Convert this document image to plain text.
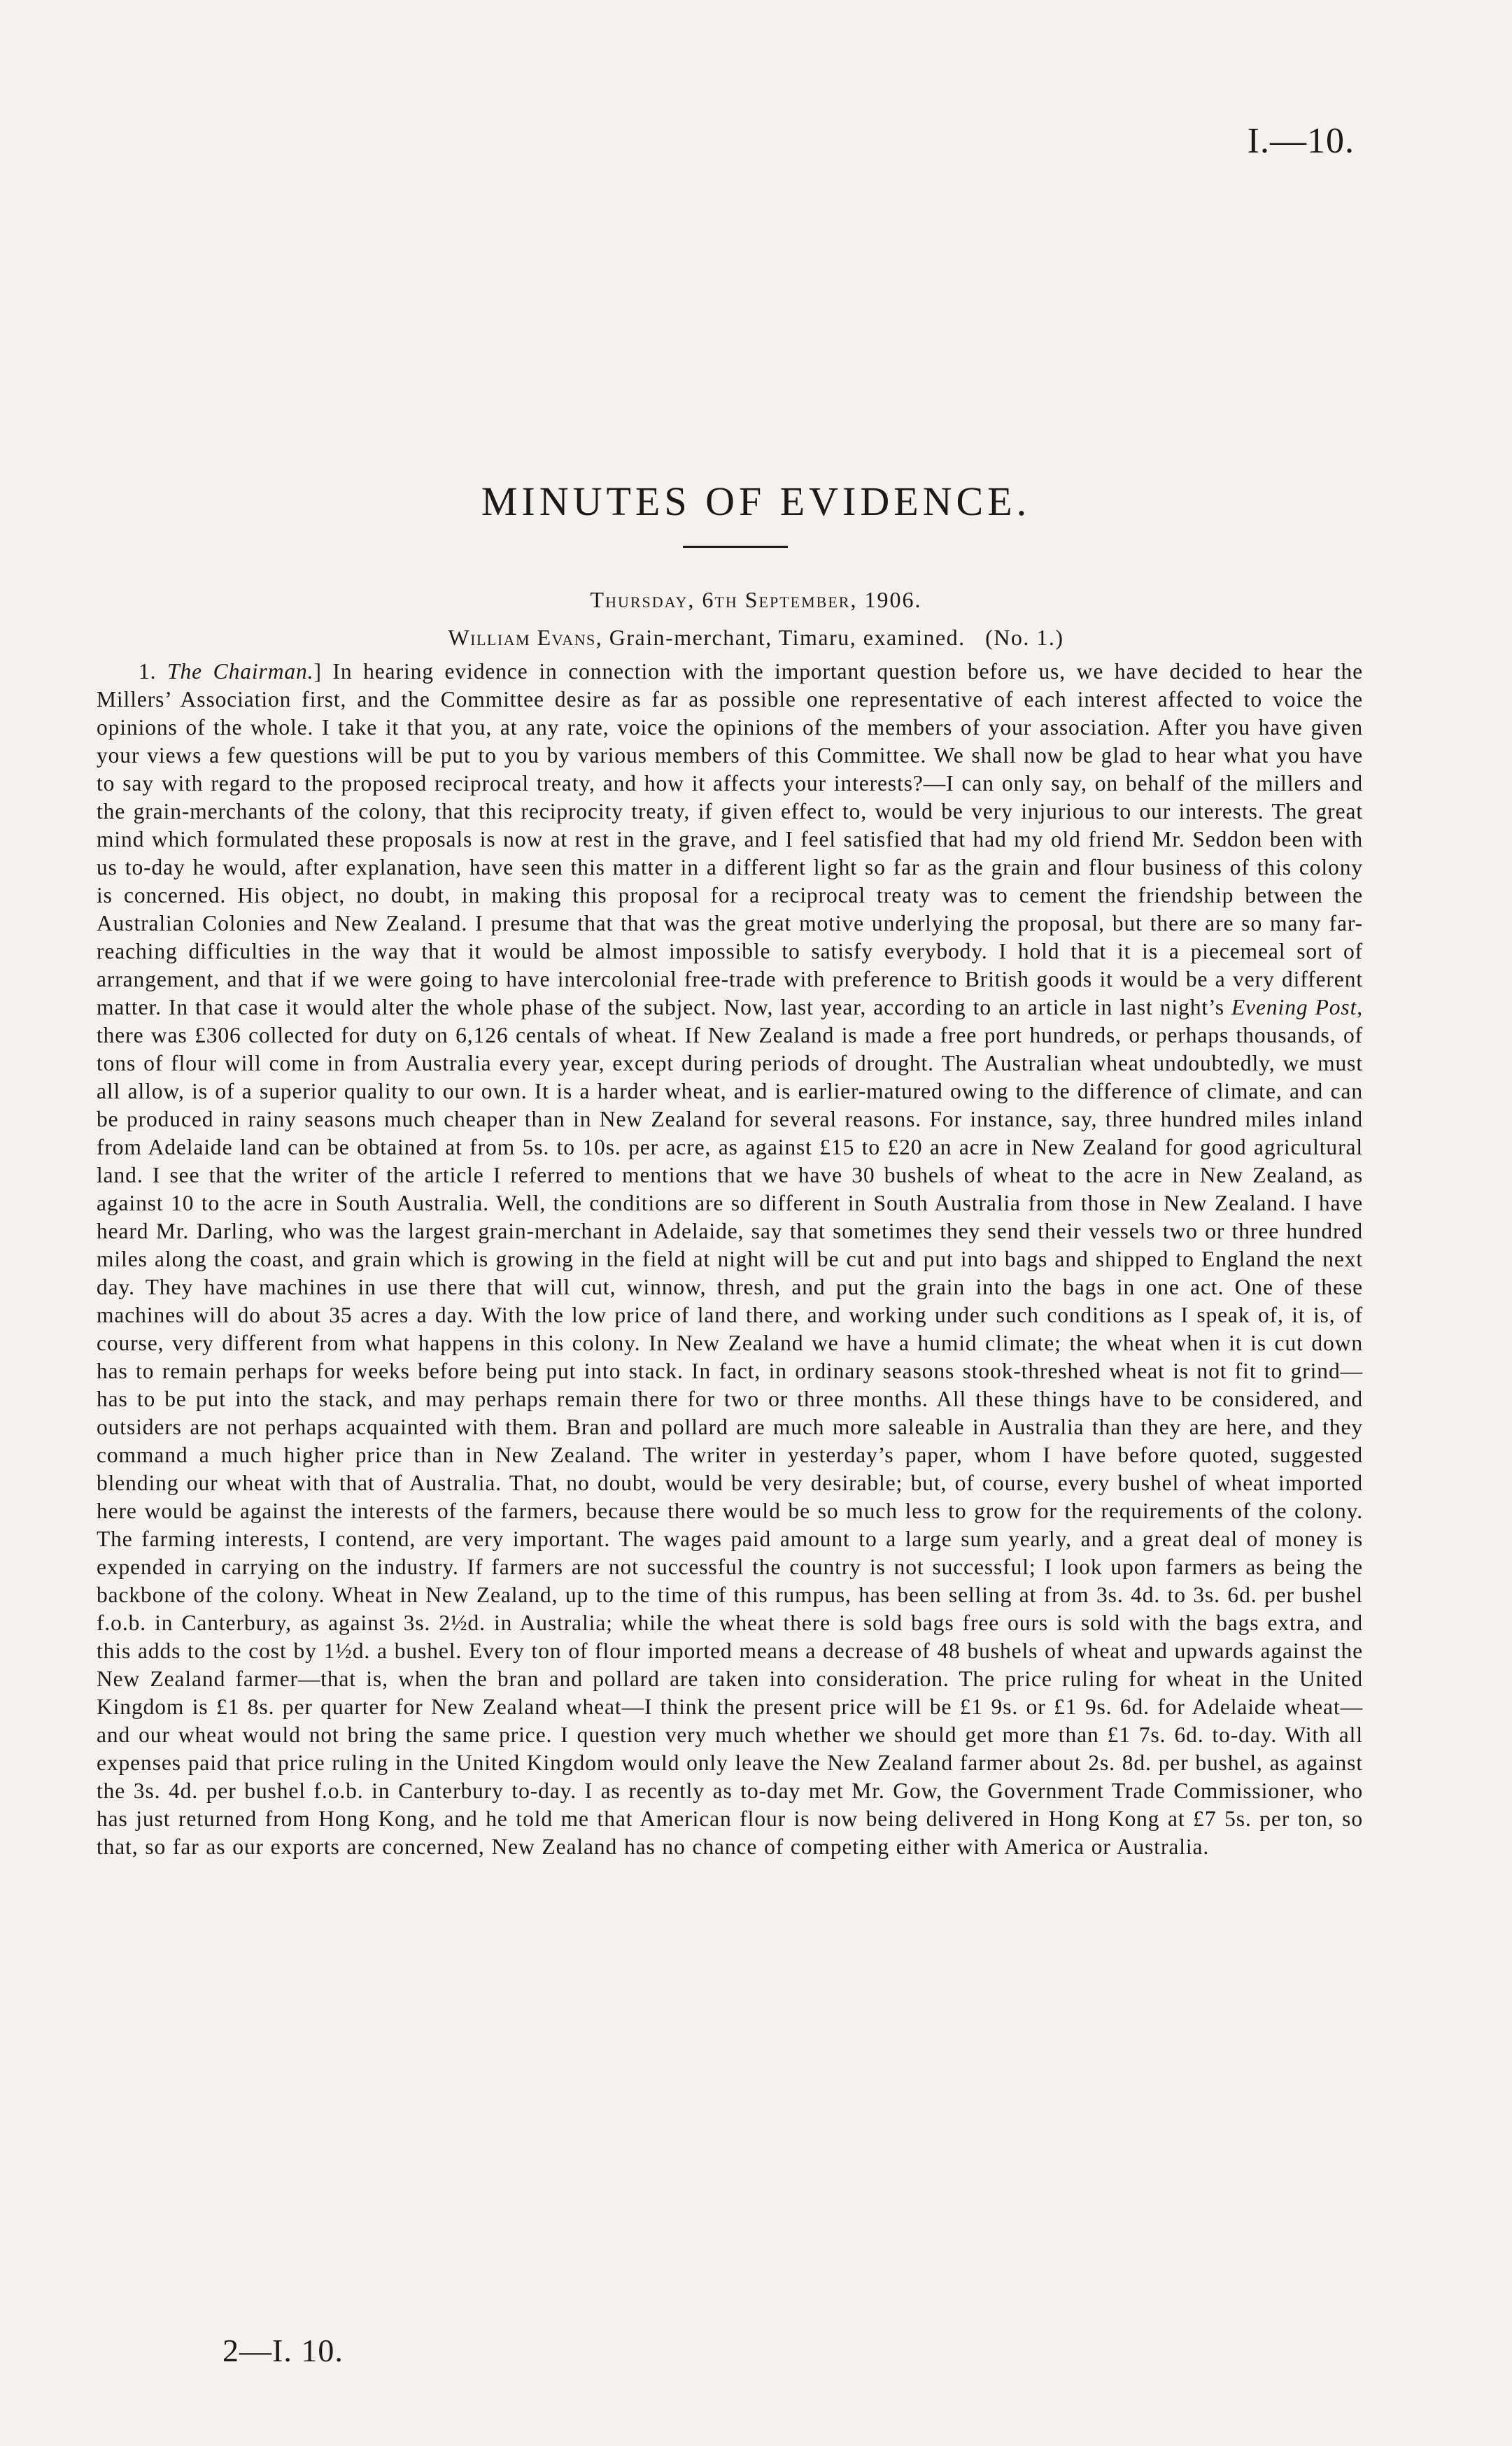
I.—10.
MINUTES OF EVIDENCE.
Thursday, 6th September, 1906.
William Evans, Grain-merchant, Timaru, examined. (No. 1.)

1. The Chairman.] In hearing evidence in connection with the important question before us, we have decided to hear the Millers’ Association first, and the Committee desire as far as possible one representative of each interest affected to voice the opinions of the whole. I take it that you, at any rate, voice the opinions of the members of your association. After you have given your views a few questions will be put to you by various members of this Committee. We shall now be glad to hear what you have to say with regard to the proposed reciprocal treaty, and how it affects your interests?—I can only say, on behalf of the millers and the grain-merchants of the colony, that this reciprocity treaty, if given effect to, would be very injurious to our interests. The great mind which formulated these proposals is now at rest in the grave, and I feel satisfied that had my old friend Mr. Seddon been with us to-day he would, after explanation, have seen this matter in a different light so far as the grain and flour business of this colony is concerned. His object, no doubt, in making this proposal for a reciprocal treaty was to cement the friendship between the Australian Colonies and New Zealand. I presume that that was the great motive underlying the proposal, but there are so many far-reaching difficulties in the way that it would be almost impossible to satisfy everybody. I hold that it is a piecemeal sort of arrangement, and that if we were going to have intercolonial free-trade with preference to British goods it would be a very different matter. In that case it would alter the whole phase of the subject. Now, last year, according to an article in last night’s Evening Post, there was £306 collected for duty on 6,126 centals of wheat. If New Zealand is made a free port hundreds, or perhaps thousands, of tons of flour will come in from Australia every year, except during periods of drought. The Australian wheat undoubtedly, we must all allow, is of a superior quality to our own. It is a harder wheat, and is earlier-matured owing to the difference of climate, and can be produced in rainy seasons much cheaper than in New Zealand for several reasons. For instance, say, three hundred miles inland from Adelaide land can be obtained at from 5s. to 10s. per acre, as against £15 to £20 an acre in New Zealand for good agricultural land. I see that the writer of the article I referred to mentions that we have 30 bushels of wheat to the acre in New Zealand, as against 10 to the acre in South Australia. Well, the conditions are so different in South Australia from those in New Zealand. I have heard Mr. Darling, who was the largest grain-merchant in Adelaide, say that sometimes they send their vessels two or three hundred miles along the coast, and grain which is growing in the field at night will be cut and put into bags and shipped to England the next day. They have machines in use there that will cut, winnow, thresh, and put the grain into the bags in one act. One of these machines will do about 35 acres a day. With the low price of land there, and working under such conditions as I speak of, it is, of course, very different from what happens in this colony. In New Zealand we have a humid climate; the wheat when it is cut down has to remain perhaps for weeks before being put into stack. In fact, in ordinary seasons stook-threshed wheat is not fit to grind—has to be put into the stack, and may perhaps remain there for two or three months. All these things have to be considered, and outsiders are not perhaps acquainted with them. Bran and pollard are much more saleable in Australia than they are here, and they command a much higher price than in New Zealand. The writer in yesterday’s paper, whom I have before quoted, suggested blending our wheat with that of Australia. That, no doubt, would be very desirable; but, of course, every bushel of wheat imported here would be against the interests of the farmers, because there would be so much less to grow for the requirements of the colony. The farming interests, I contend, are very important. The wages paid amount to a large sum yearly, and a great deal of money is expended in carrying on the industry. If farmers are not successful the country is not successful; I look upon farmers as being the backbone of the colony. Wheat in New Zealand, up to the time of this rumpus, has been selling at from 3s. 4d. to 3s. 6d. per bushel f.o.b. in Canterbury, as against 3s. 2½d. in Australia; while the wheat there is sold bags free ours is sold with the bags extra, and this adds to the cost by 1½d. a bushel. Every ton of flour imported means a decrease of 48 bushels of wheat and upwards against the New Zealand farmer—that is, when the bran and pollard are taken into consideration. The price ruling for wheat in the United Kingdom is £1 8s. per quarter for New Zealand wheat—I think the present price will be £1 9s. or £1 9s. 6d. for Adelaide wheat—and our wheat would not bring the same price. I question very much whether we should get more than £1 7s. 6d. to-day. With all expenses paid that price ruling in the United Kingdom would only leave the New Zealand farmer about 2s. 8d. per bushel, as against the 3s. 4d. per bushel f.o.b. in Canterbury to-day. I as recently as to-day met Mr. Gow, the Government Trade Commissioner, who has just returned from Hong Kong, and he told me that American flour is now being delivered in Hong Kong at £7 5s. per ton, so that, so far as our exports are concerned, New Zealand has no chance of competing either with America or Australia.

2—I. 10.
